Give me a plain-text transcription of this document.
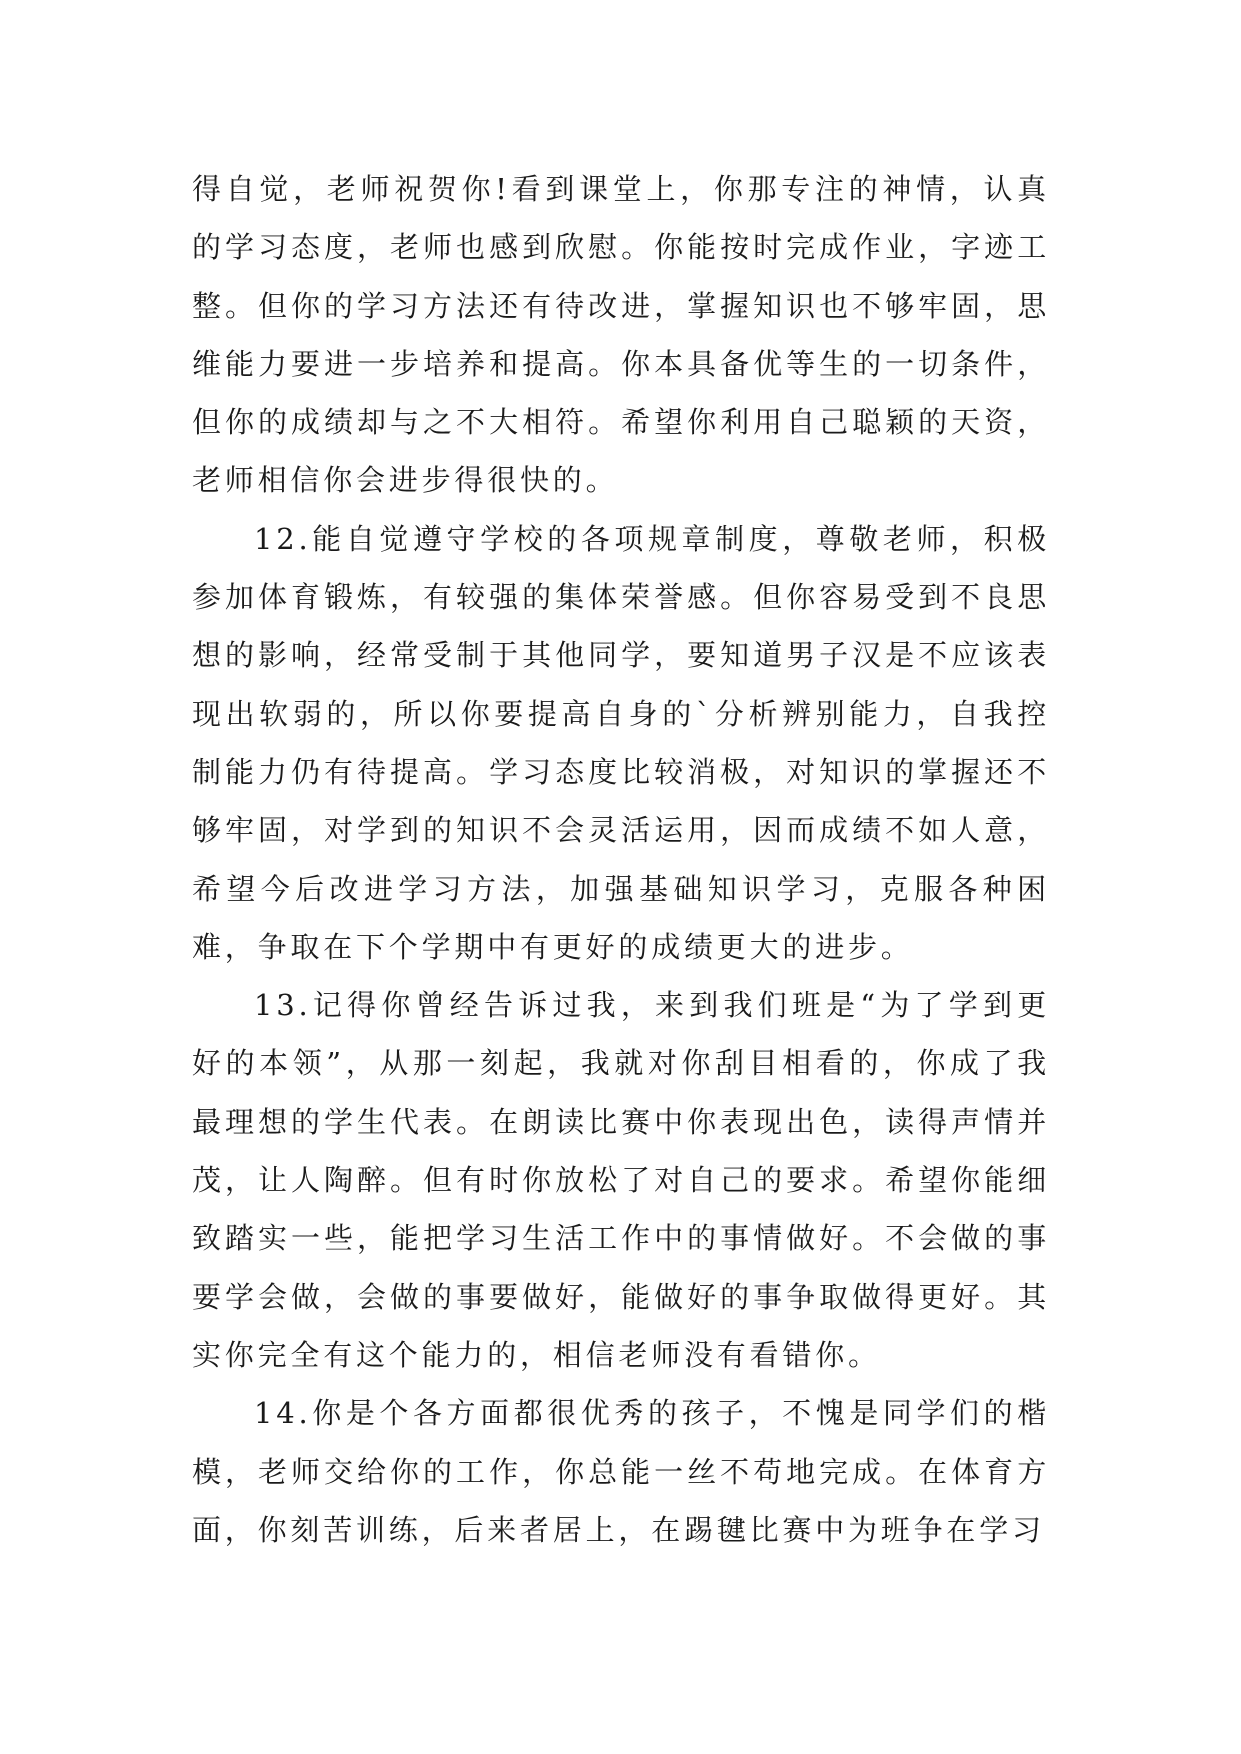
得自觉，老师祝贺你!看到课堂上，你那专注的神情，认真的学习态度，老师也感到欣慰。你能按时完成作业，字迹工整。但你的学习方法还有待改进，掌握知识也不够牢固，思维能力要进一步培养和提高。你本具备优等生的一切条件，但你的成绩却与之不大相符。希望你利用自己聪颖的天资，老师相信你会进步得很快的。

12.能自觉遵守学校的各项规章制度，尊敬老师，积极参加体育锻炼，有较强的集体荣誉感。但你容易受到不良思想的影响，经常受制于其他同学，要知道男子汉是不应该表现出软弱的，所以你要提高自身的`分析辨别能力，自我控制能力仍有待提高。学习态度比较消极，对知识的掌握还不够牢固，对学到的知识不会灵活运用，因而成绩不如人意，希望今后改进学习方法，加强基础知识学习，克服各种困难，争取在下个学期中有更好的成绩更大的进步。

13.记得你曾经告诉过我，来到我们班是“为了学到更好的本领”，从那一刻起，我就对你刮目相看的，你成了我最理想的学生代表。在朗读比赛中你表现出色，读得声情并茂，让人陶醉。但有时你放松了对自己的要求。希望你能细致踏实一些，能把学习生活工作中的事情做好。不会做的事要学会做，会做的事要做好，能做好的事争取做得更好。其实你完全有这个能力的，相信老师没有看错你。

14.你是个各方面都很优秀的孩子，不愧是同学们的楷模，老师交给你的工作，你总能一丝不苟地完成。在体育方面，你刻苦训练，后来者居上，在踢毽比赛中为班争在学习
